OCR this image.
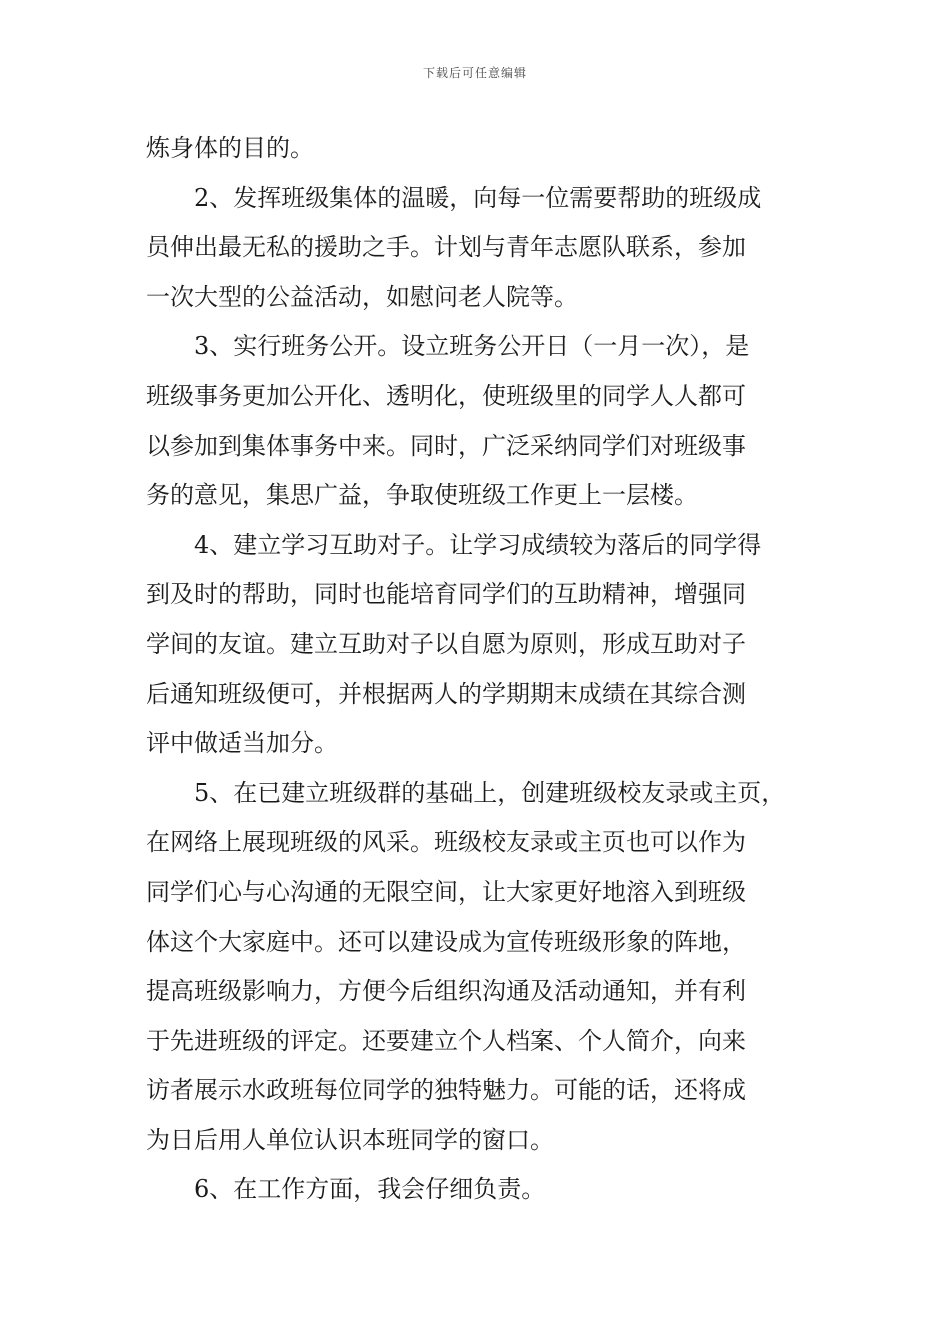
下载后可任意编辑
炼身体的目的。
2、发挥班级集体的温暖，向每一位需要帮助的班级成
员伸出最无私的援助之手。计划与青年志愿队联系，参加
一次大型的公益活动，如慰问老人院等。
3、实行班务公开。设立班务公开日（一月一次），是
班级事务更加公开化、透明化，使班级里的同学人人都可
以参加到集体事务中来。同时，广泛采纳同学们对班级事
务的意见，集思广益，争取使班级工作更上一层楼。
4、建立学习互助对子。让学习成绩较为落后的同学得
到及时的帮助，同时也能培育同学们的互助精神，增强同
学间的友谊。建立互助对子以自愿为原则，形成互助对子
后通知班级便可，并根据两人的学期期末成绩在其综合测
评中做适当加分。
5、在已建立班级群的基础上，创建班级校友录或主页，
在网络上展现班级的风采。班级校友录或主页也可以作为
同学们心与心沟通的无限空间，让大家更好地溶入到班级
体这个大家庭中。还可以建设成为宣传班级形象的阵地，
提高班级影响力，方便今后组织沟通及活动通知，并有利
于先进班级的评定。还要建立个人档案、个人简介，向来
访者展示水政班每位同学的独特魅力。可能的话，还将成
为日后用人单位认识本班同学的窗口。
6、在工作方面，我会仔细负责。
